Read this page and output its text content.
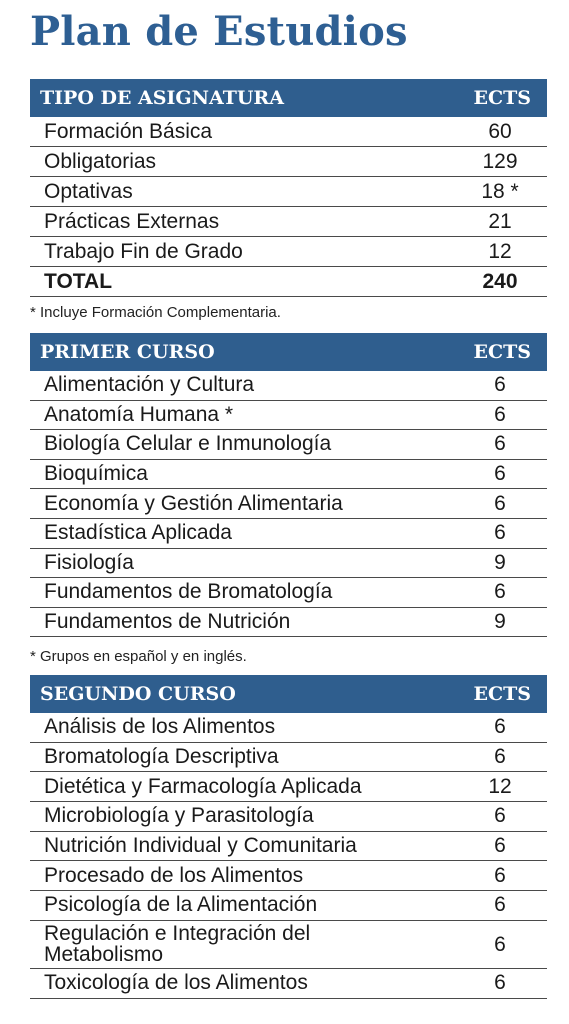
Plan de Estudios
TIPO DE ASIGNATURA	ECTS
Formación Básica	60
Obligatorias	129
Optativas	18 *
Prácticas Externas	21
Trabajo Fin de Grado	12
TOTAL	240
* Incluye Formación Complementaria.
PRIMER CURSO	ECTS
Alimentación y Cultura	6
Anatomía Humana *	6
Biología Celular e Inmunología	6
Bioquímica	6
Economía y Gestión Alimentaria	6
Estadística Aplicada	6
Fisiología	9
Fundamentos de Bromatología	6
Fundamentos de Nutrición	9
* Grupos en español y en inglés.
SEGUNDO CURSO	ECTS
Análisis de los Alimentos	6
Bromatología Descriptiva	6
Dietética y Farmacología Aplicada	12
Microbiología y Parasitología	6
Nutrición Individual y Comunitaria	6
Procesado de los Alimentos	6
Psicología de la Alimentación	6
Regulación e Integración del Metabolismo	6
Toxicología de los Alimentos	6
